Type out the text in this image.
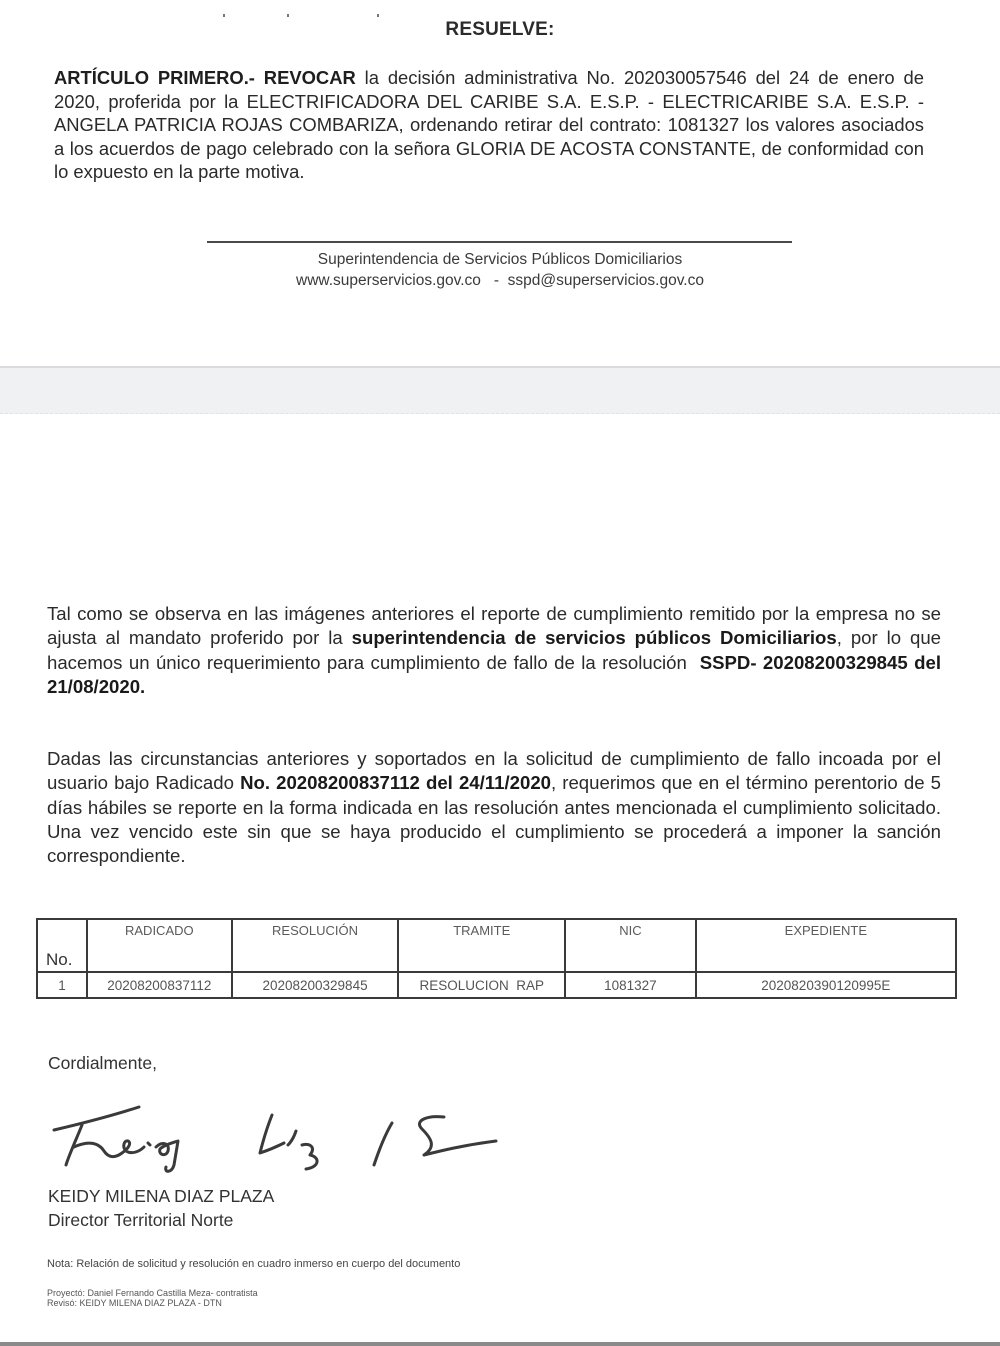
RESUELVE:
ARTÍCULO PRIMERO.- REVOCAR la decisión administrativa No. 202030057546 del 24 de enero de 2020, proferida por la ELECTRIFICADORA DEL CARIBE S.A. E.S.P. - ELECTRICARIBE S.A. E.S.P. - ANGELA PATRICIA ROJAS COMBARIZA, ordenando retirar del contrato: 1081327 los valores asociados a los acuerdos de pago celebrado con la señora GLORIA DE ACOSTA CONSTANTE, de conformidad con lo expuesto en la parte motiva.
Superintendencia de Servicios Públicos Domiciliarios
www.superservicios.gov.co   -  sspd@superservicios.gov.co
Tal como se observa en las imágenes anteriores el reporte de cumplimiento remitido por la empresa no se ajusta al mandato proferido por la superintendencia de servicios públicos Domiciliarios, por lo que hacemos un único requerimiento para cumplimiento de fallo de la resolución SSPD- 20208200329845 del 21/08/2020.
Dadas las circunstancias anteriores y soportados en la solicitud de cumplimiento de fallo incoada por el usuario bajo Radicado No. 20208200837112 del 24/11/2020, requerimos que en el término perentorio de 5 días hábiles se reporte en la forma indicada en las resolución antes mencionada el cumplimiento solicitado. Una vez vencido este sin que se haya producido el cumplimiento se procederá a imponer la sanción correspondiente.
No.	RADICADO	RESOLUCIÓN	TRAMITE	NIC	EXPEDIENTE
1	20208200837112	20208200329845	RESOLUCION  RAP	1081327	2020820390120995E
Cordialmente,
KEIDY MILENA DIAZ PLAZA
Director Territorial Norte
Nota: Relación de solicitud y resolución en cuadro inmerso en cuerpo del documento
Proyectó: Daniel Fernando Castilla Meza- contratista
Revisó: KEIDY MILENA DIAZ PLAZA - DTN
